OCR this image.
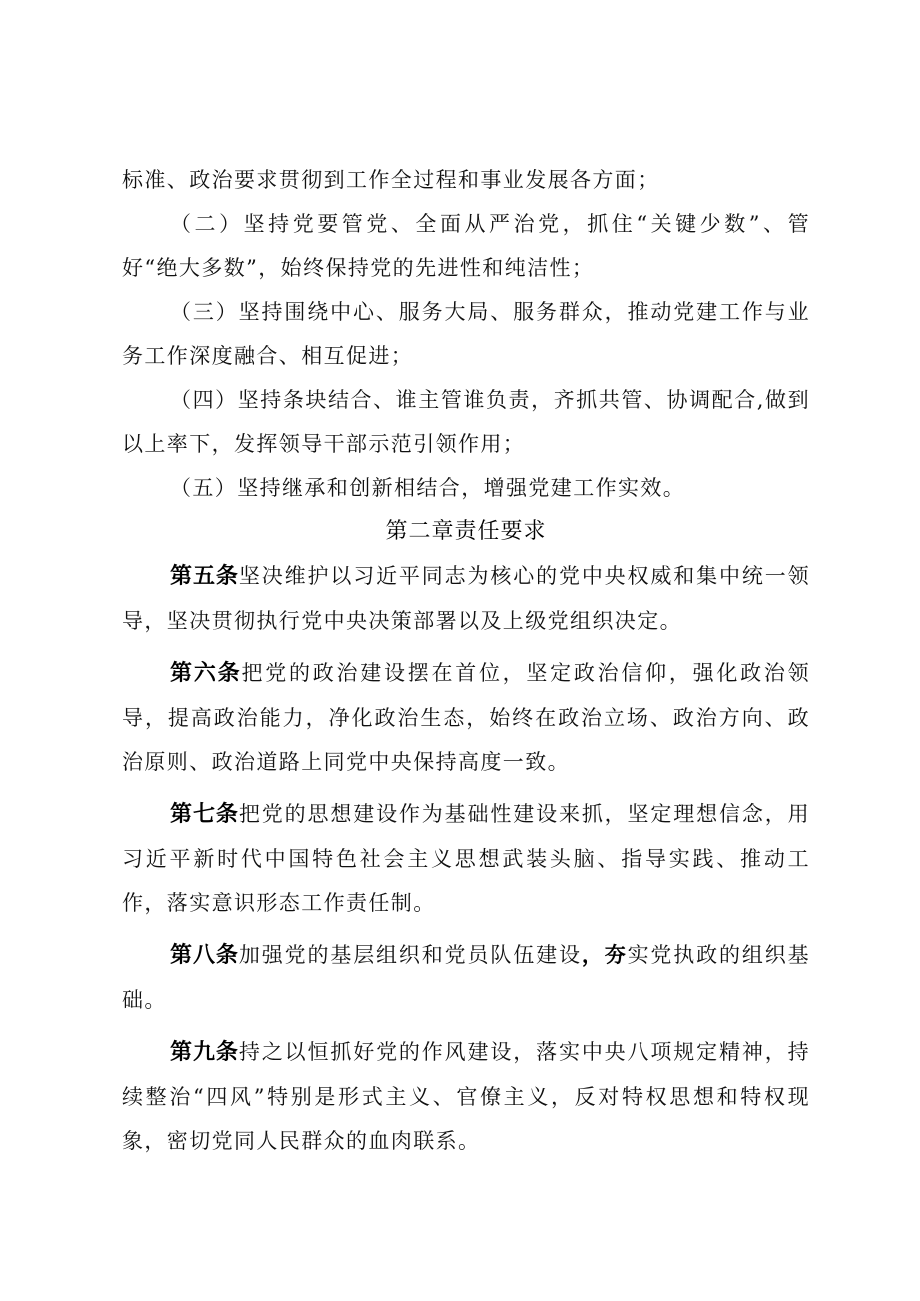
标准、政治要求贯彻到工作全过程和事业发展各方面；

（二）坚持党要管党、全面从严治党，抓住“关键少数”、管好“绝大多数”，始终保持党的先进性和纯洁性；

（三）坚持围绕中心、服务大局、服务群众，推动党建工作与业务工作深度融合、相互促进；

（四）坚持条块结合、谁主管谁负责，齐抓共管、协调配合,做到以上率下，发挥领导干部示范引领作用；

（五）坚持继承和创新相结合，增强党建工作实效。

第二章责任要求

第五条坚决维护以习近平同志为核心的党中央权威和集中统一领导，坚决贯彻执行党中央决策部署以及上级党组织决定。

第六条把党的政治建设摆在首位，坚定政治信仰，强化政治领导，提高政治能力，净化政治生态，始终在政治立场、政治方向、政治原则、政治道路上同党中央保持高度一致。

第七条把党的思想建设作为基础性建设来抓，坚定理想信念，用习近平新时代中国特色社会主义思想武装头脑、指导实践、推动工作，落实意识形态工作责任制。

第八条加强党的基层组织和党员队伍建设，夯实党执政的组织基础。

第九条持之以恒抓好党的作风建设，落实中央八项规定精神，持续整治“四风”特别是形式主义、官僚主义，反对特权思想和特权现象，密切党同人民群众的血肉联系。
